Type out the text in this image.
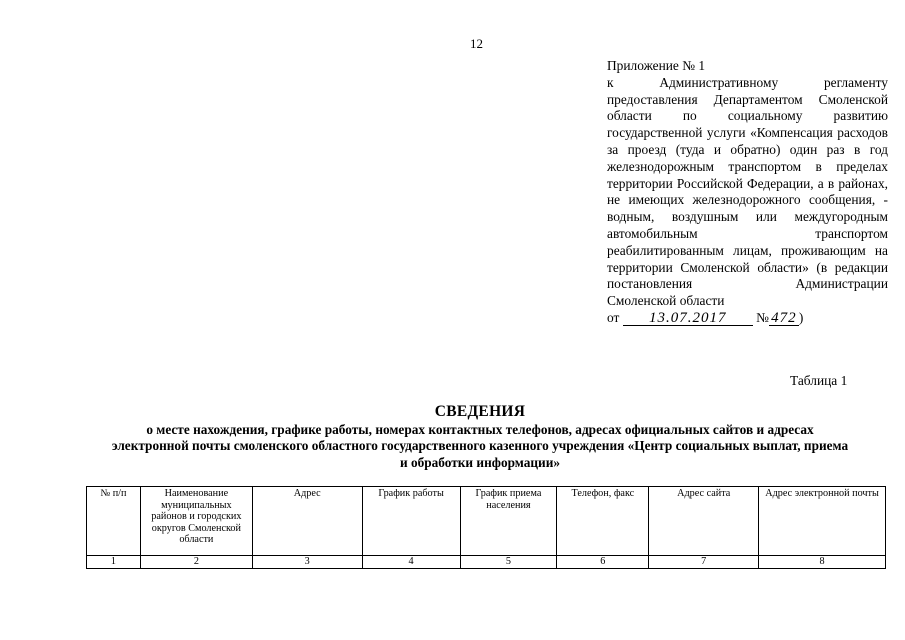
12
Приложение № 1
к Административному регламенту предоставления Департаментом Смоленской области по социальному развитию государственной услуги «Компенсация расходов за проезд (туда и обратно) один раз в год железнодорожным транспортом в пределах территории Российской Федерации, а в районах, не имеющих железнодорожного сообщения, - водным, воздушным или междугородным автомобильным транспортом реабилитированным лицам, проживающим на территории Смоленской области» (в редакции постановления Администрации
Смоленской области
от 13.07.2017 № 472 )
Таблица 1
СВЕДЕНИЯ
о месте нахождения, графике работы, номерах контактных телефонов, адресах официальных сайтов и адресах электронной почты смоленского областного государственного казенного учреждения «Центр социальных выплат, приема и обработки информации»
№ п/п	Наименование муниципальных районов и городских округов Смоленской области	Адрес	График работы	График приема населения	Телефон, факс	Адрес сайта	Адрес электронной почты
1	2	3	4	5	6	7	8
